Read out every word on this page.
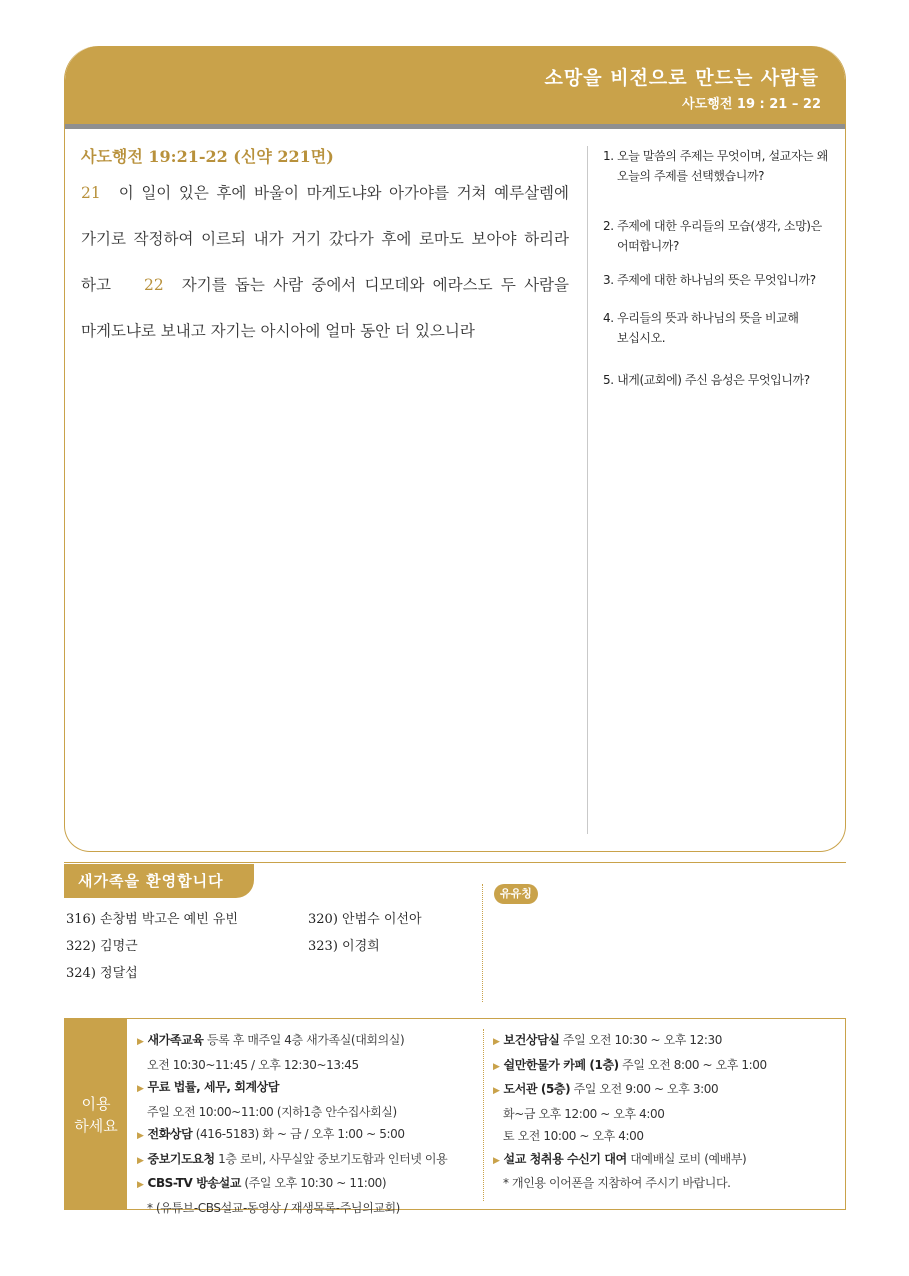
소망을 비전으로 만드는 사람들
사도행전 19 : 21 – 22
사도행전 19:21-22 (신약 221면)
21 이 일이 있은 후에 바울이 마게도냐와 아가야를 거쳐 예루살렘에 가기로 작정하여 이르되 내가 거기 갔다가 후에 로마도 보아야 하리라 하고 22 자기를 돕는 사람 중에서 디모데와 에라스도 두 사람을 마게도냐로 보내고 자기는 아시아에 얼마 동안 더 있으니라
1. 오늘 말씀의 주제는 무엇이며, 설교자는 왜 오늘의 주제를 선택했습니까?
2. 주제에 대한 우리들의 모습(생각, 소망)은 어떠합니까?
3. 주제에 대한 하나님의 뜻은 무엇입니까?
4. 우리들의 뜻과 하나님의 뜻을 비교해 보십시오.
5. 내게(교회에) 주신 음성은 무엇입니까?
새가족을 환영합니다
316) 손창범 박고은 예빈 유빈	320) 안범수 이선아
322) 김명근	323) 이경희
324) 정달섭
유유칭
이용
하세요
▶ 새가족교육 등록 후 매주일 4층 새가족실(대회의실)
오전 10:30~11:45 / 오후 12:30~13:45
▶ 무료 법률, 세무, 회계상담
주일 오전 10:00~11:00 (지하1층 안수집사회실)
▶ 전화상담 (416-5183) 화 ~ 금 / 오후 1:00 ~ 5:00
▶ 중보기도요청 1층 로비, 사무실앞 중보기도함과 인터넷 이용
▶ CBS-TV 방송설교 (주일 오후 10:30 ~ 11:00)
* (유튜브-CBS설교-동영상 / 재생목록-주님의교회)
▶ 보건상담실 주일 오전 10:30 ~ 오후 12:30
▶ 쉴만한물가 카페 (1층) 주일 오전 8:00 ~ 오후 1:00
▶ 도서관 (5층) 주일 오전 9:00 ~ 오후 3:00
화~금 오후 12:00 ~ 오후 4:00
토 오전 10:00 ~ 오후 4:00
▶ 설교 청취용 수신기 대여 대예배실 로비 (예배부)
* 개인용 이어폰을 지참하여 주시기 바랍니다.
